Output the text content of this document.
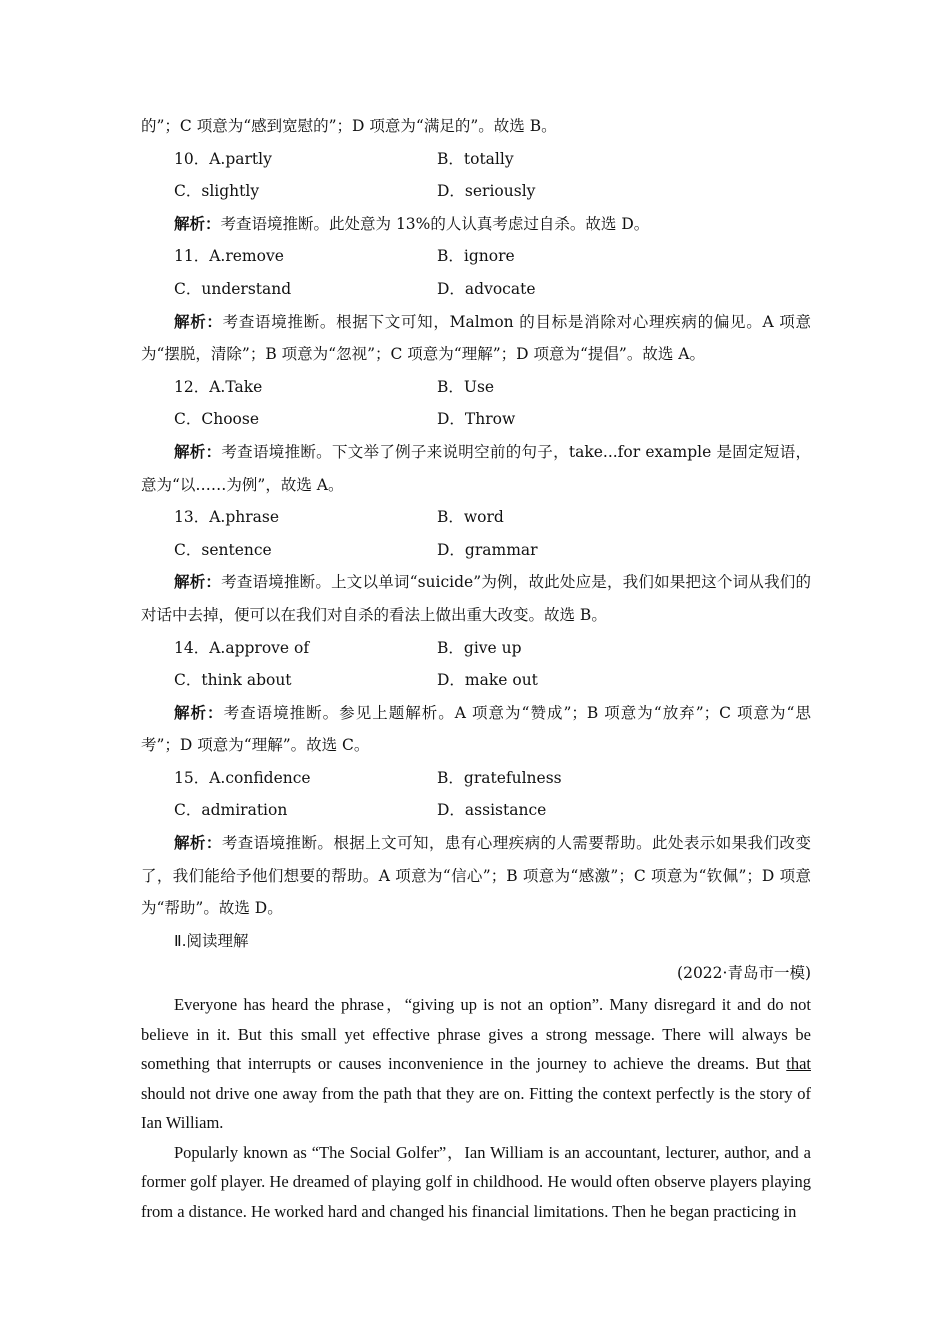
的”；C 项意为“感到宽慰的”；D 项意为“满足的”。故选 B。
10．A.partly	B．totally
C．slightly	D．seriously
解析：考查语境推断。此处意为 13%的人认真考虑过自杀。故选 D。
11．A.remove	B．ignore
C．understand	D．advocate
解析：考查语境推断。根据下文可知，Malmon 的目标是消除对心理疾病的偏见。A 项意为“摆脱，清除”；B 项意为“忽视”；C 项意为“理解”；D 项意为“提倡”。故选 A。
12．A.Take	B．Use
C．Choose	D．Throw
解析：考查语境推断。下文举了例子来说明空前的句子，take...for example 是固定短语，意为“以……为例”，故选 A。
13．A.phrase	B．word
C．sentence	D．grammar
解析：考查语境推断。上文以单词“suicide”为例，故此处应是，我们如果把这个词从我们的对话中去掉，便可以在我们对自杀的看法上做出重大改变。故选 B。
14．A.approve of	B．give up
C．think about	D．make out
解析：考查语境推断。参见上题解析。A 项意为“赞成”；B 项意为“放弃”；C 项意为“思考”；D 项意为“理解”。故选 C。
15．A.confidence	B．gratefulness
C．admiration	D．assistance
解析：考查语境推断。根据上文可知，患有心理疾病的人需要帮助。此处表示如果我们改变了，我们能给予他们想要的帮助。A 项意为“信心”；B 项意为“感激”；C 项意为“钦佩”；D 项意为“帮助”。故选 D。
Ⅱ.阅读理解
(2022·青岛市一模)

Everyone has heard the phrase，“giving up is not an option”. Many disregard it and do not believe in it. But this small yet effective phrase gives a strong message. There will always be something that interrupts or causes inconvenience in the journey to achieve the dreams. But that should not drive one away from the path that they are on. Fitting the context perfectly is the story of Ian William.

Popularly known as “The Social Golfer”，Ian William is an accountant, lecturer, author, and a former golf player. He dreamed of playing golf in childhood. He would often observe players playing from a distance. He worked hard and changed his financial limitations. Then he began practicing in
